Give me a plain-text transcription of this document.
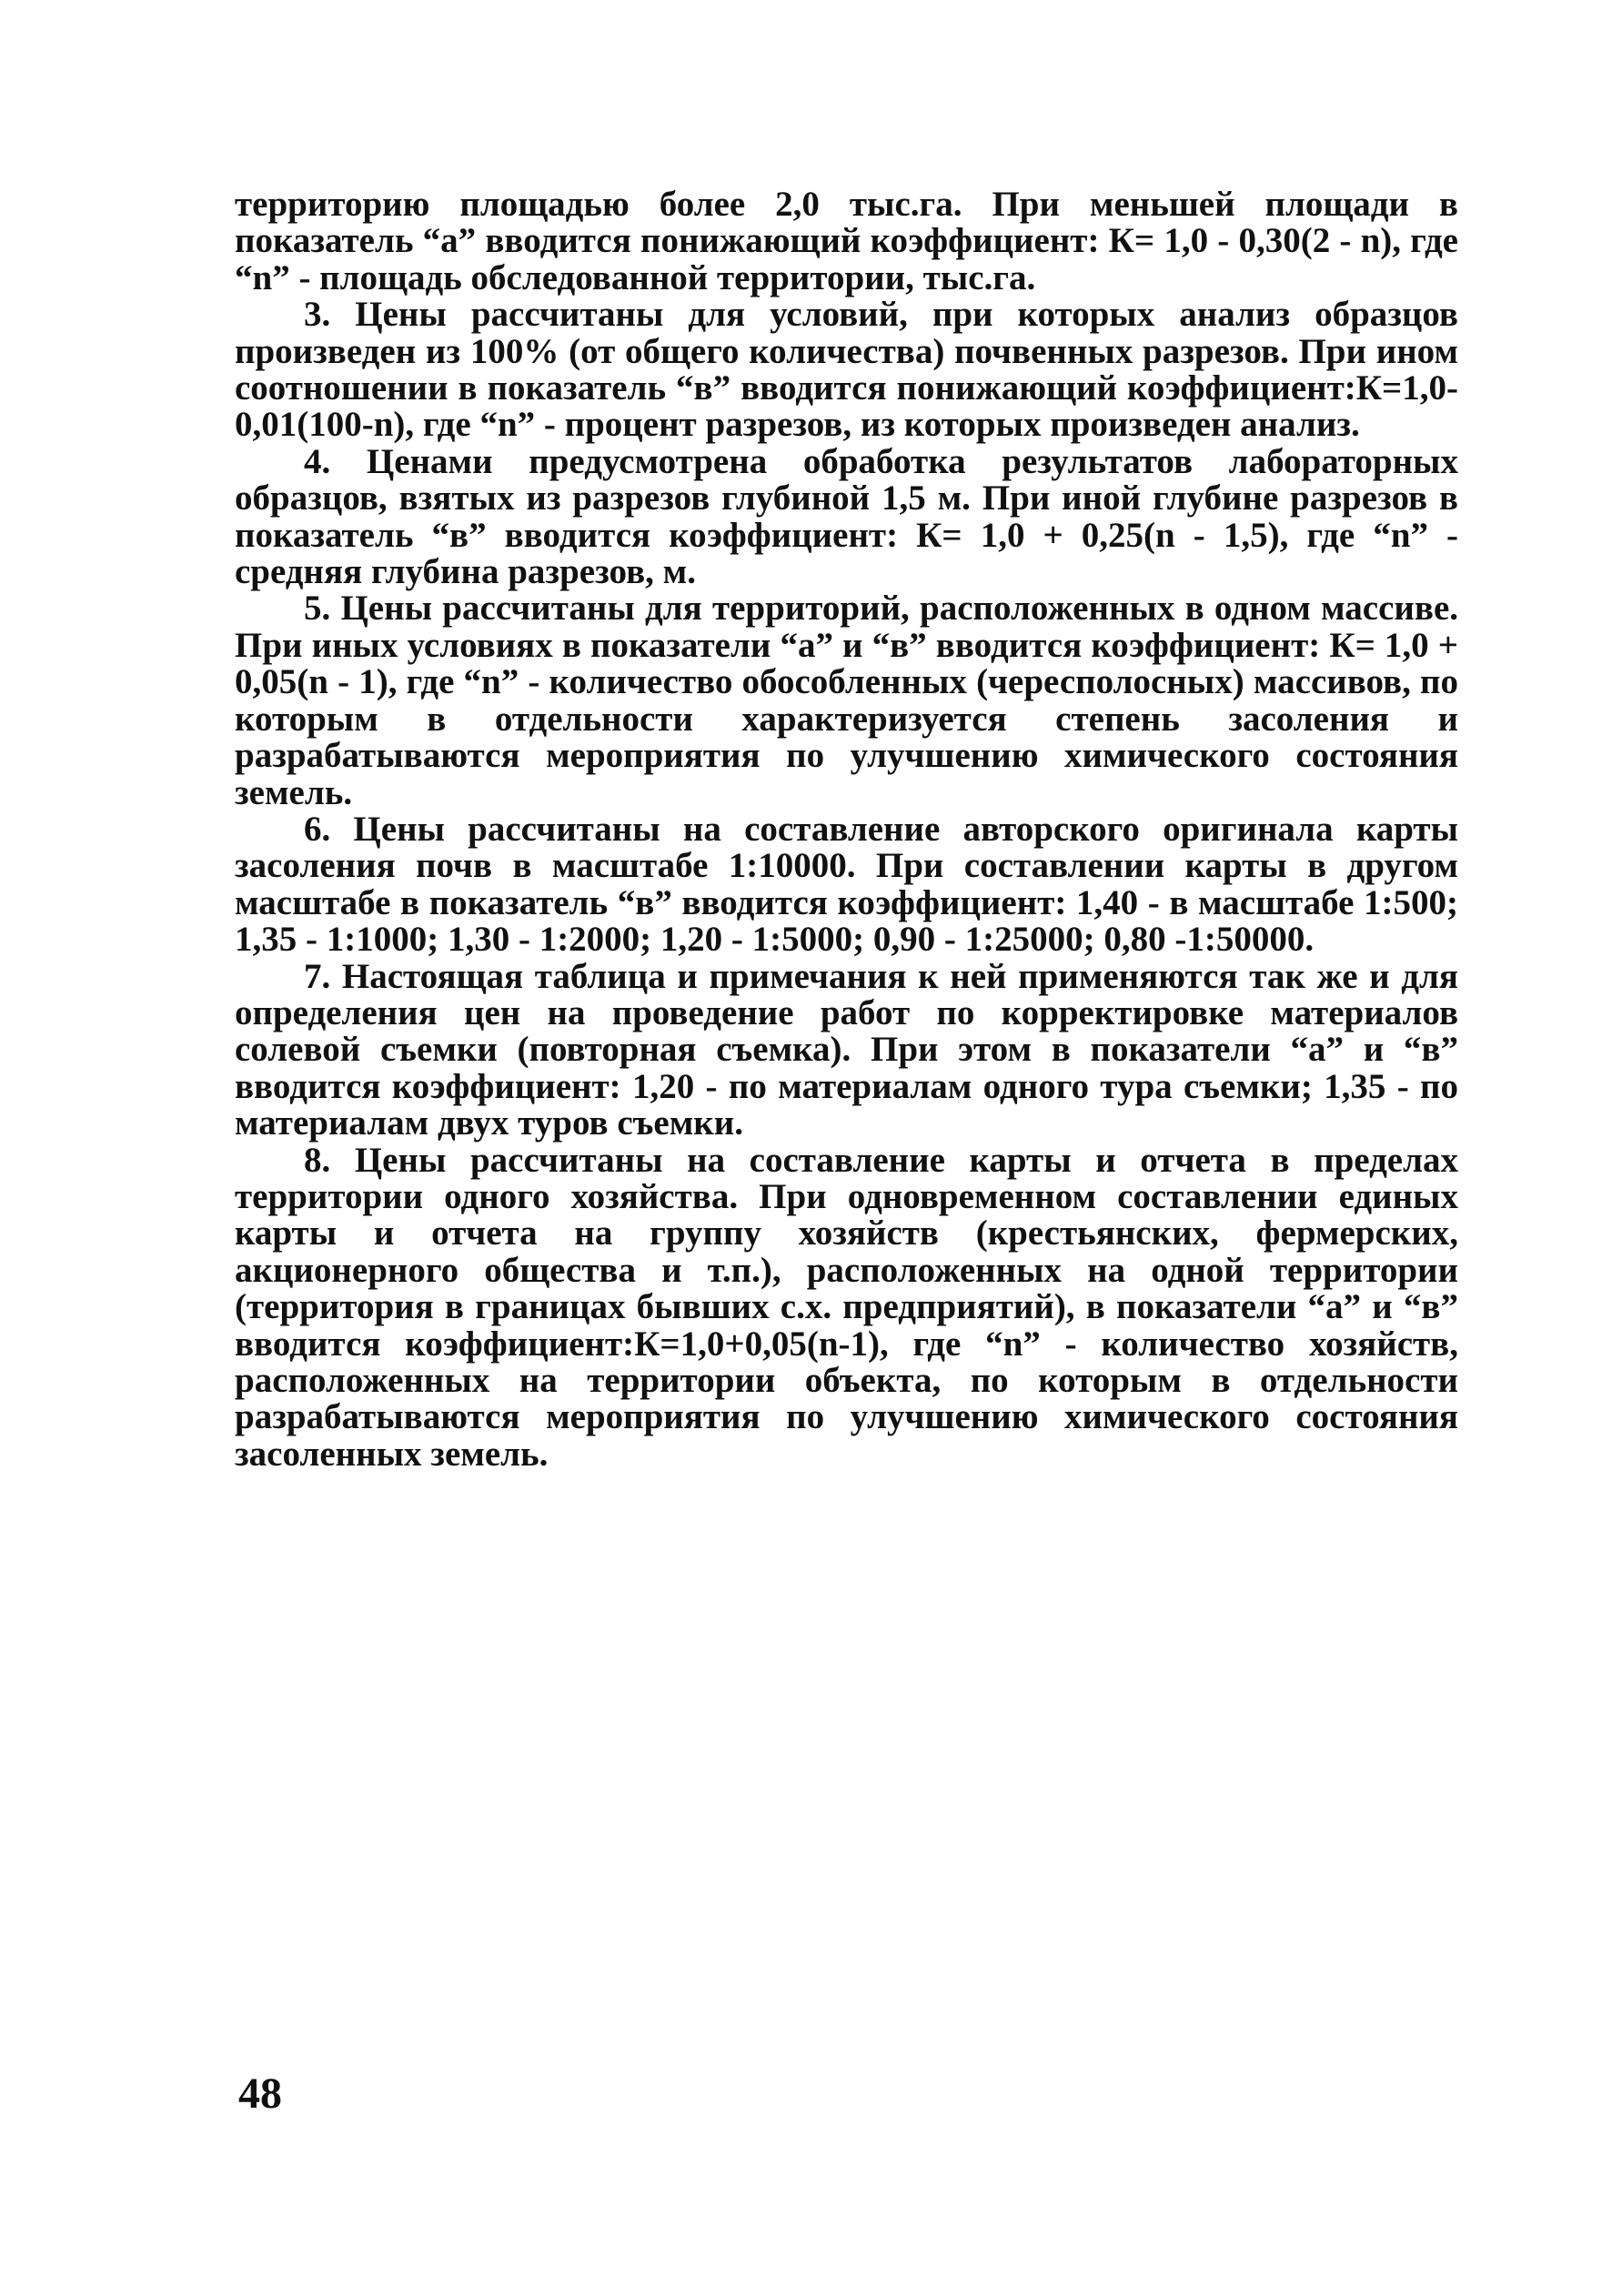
территорию площадью более 2,0 тыс.га. При меньшей площади в показатель “а” вводится понижающий коэффициент: К= 1,0 - 0,30(2 - n), где “n” - площадь обследованной территории, тыс.га.

3. Цены рассчитаны для условий, при которых анализ образцов произведен из 100% (от общего количества) почвенных разрезов. При ином соотношении в показатель “в” вводится понижающий коэффициент:К=1,0-0,01(100-n), где “n” - процент разрезов, из которых произведен анализ.

4. Ценами предусмотрена обработка результатов лабораторных образцов, взятых из разрезов глубиной 1,5 м. При иной глубине разрезов в показатель “в” вводится коэффициент: К= 1,0 + 0,25(n - 1,5), где “n” - средняя глубина разрезов, м.

5. Цены рассчитаны для территорий, расположенных в одном массиве. При иных условиях в показатели “а” и “в” вводится коэффициент: К= 1,0 + 0,05(n - 1), где “n” - количество обособленных (чересполосных) массивов, по которым в отдельности характеризуется степень засоления и разрабатываются мероприятия по улучшению химического состояния земель.

6. Цены рассчитаны на составление авторского оригинала карты засоления почв в масштабе 1:10000. При составлении карты в другом масштабе в показатель “в” вводится коэффициент: 1,40 - в масштабе 1:500; 1,35 - 1:1000; 1,30 - 1:2000; 1,20 - 1:5000; 0,90 - 1:25000; 0,80 -1:50000.

7. Настоящая таблица и примечания к ней применяются так же и для определения цен на проведение работ по корректировке материалов солевой съемки (повторная съемка). При этом в показатели “а” и “в” вводится коэффициент: 1,20 - по материалам одного тура съемки; 1,35 - по материалам двух туров съемки.

8. Цены рассчитаны на составление карты и отчета в пределах территории одного хозяйства. При одновременном составлении единых карты и отчета на группу хозяйств (крестьянских, фермерских, акционерного общества и т.п.), расположенных на одной территории (территория в границах бывших с.х. предприятий), в показатели “а” и “в” вводится коэффициент:К=1,0+0,05(n-1), где “n” - количество хозяйств, расположенных на территории объекта, по которым в отдельности разрабатываются мероприятия по улучшению химического состояния засоленных земель.

48
